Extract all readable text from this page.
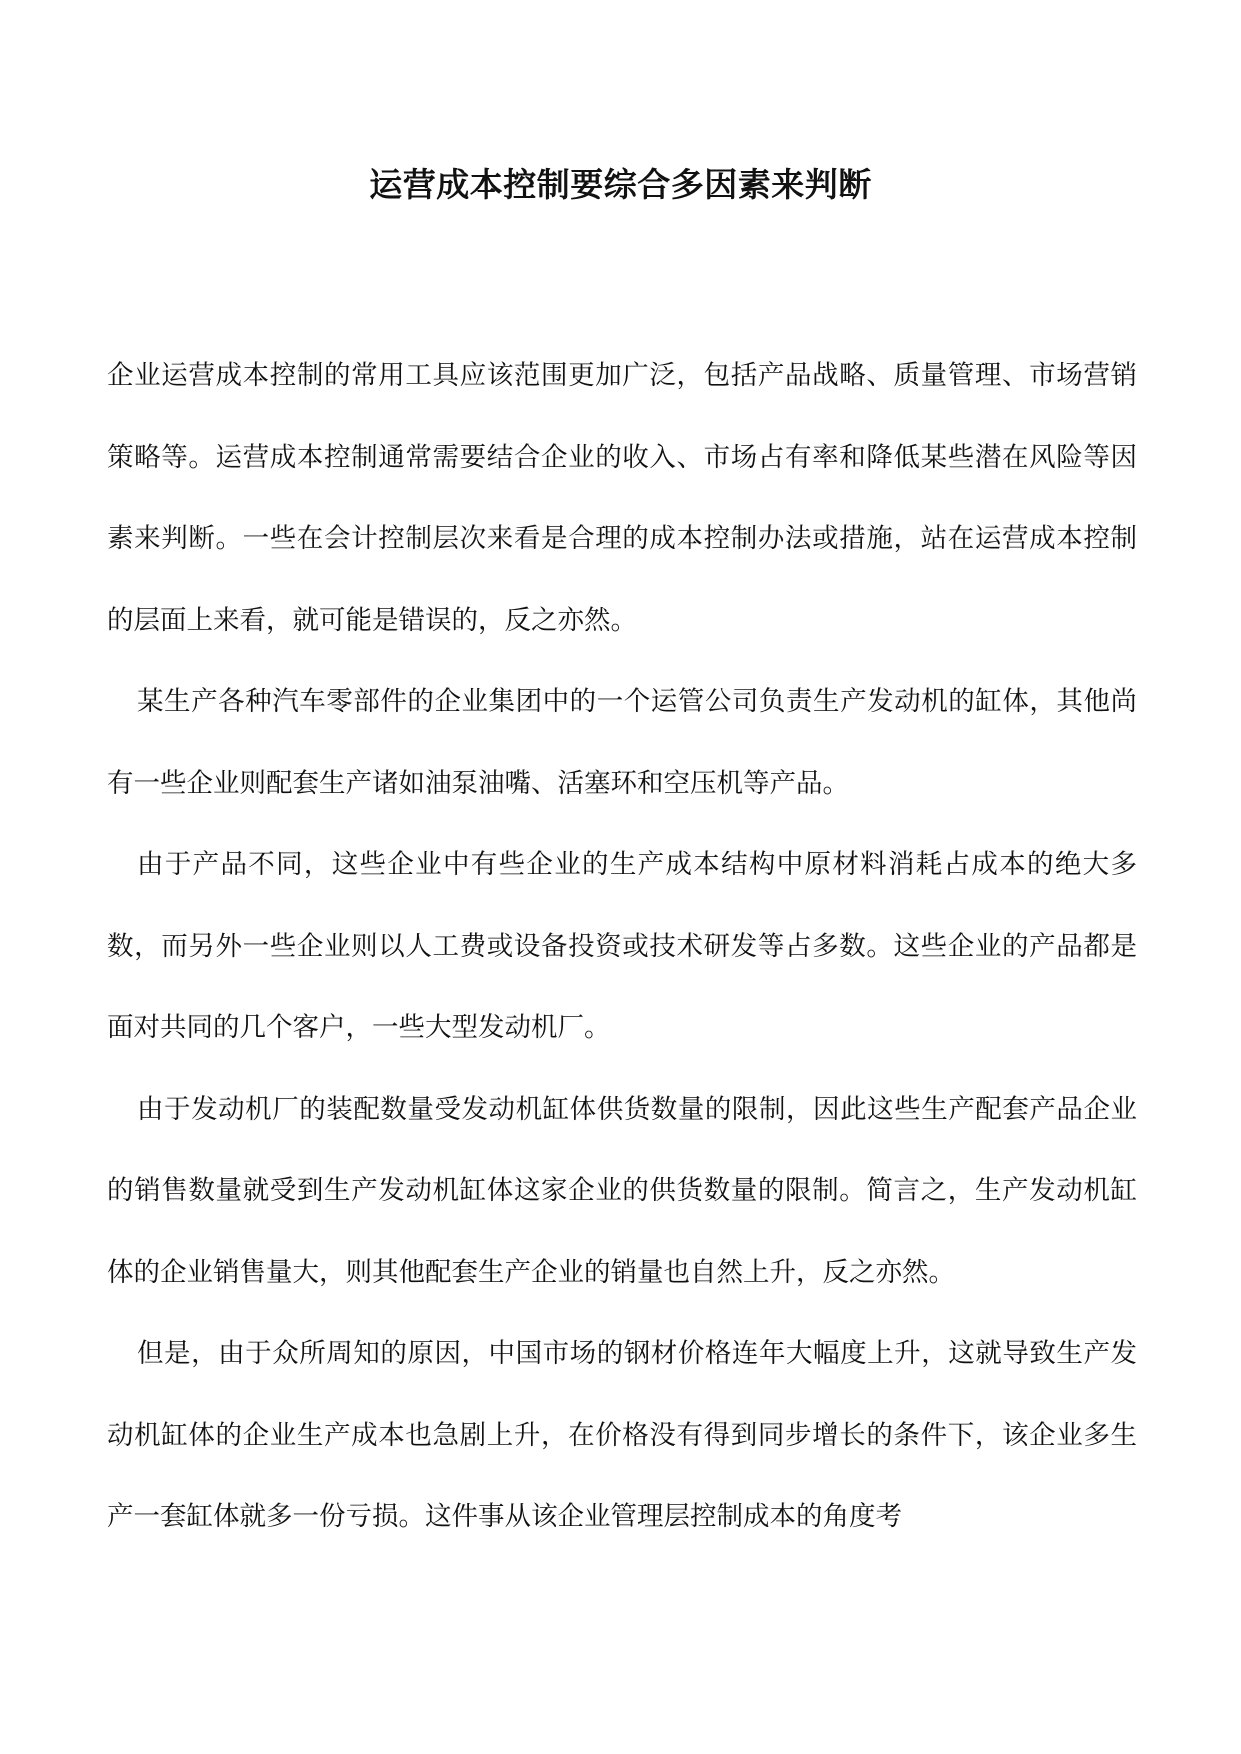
运营成本控制要综合多因素来判断

企业运营成本控制的常用工具应该范围更加广泛，包括产品战略、质量管理、市场营销策略等。运营成本控制通常需要结合企业的收入、市场占有率和降低某些潜在风险等因素来判断。一些在会计控制层次来看是合理的成本控制办法或措施，站在运营成本控制的层面上来看，就可能是错误的，反之亦然。

某生产各种汽车零部件的企业集团中的一个运管公司负责生产发动机的缸体，其他尚有一些企业则配套生产诸如油泵油嘴、活塞环和空压机等产品。

由于产品不同，这些企业中有些企业的生产成本结构中原材料消耗占成本的绝大多数，而另外一些企业则以人工费或设备投资或技术研发等占多数。这些企业的产品都是面对共同的几个客户，一些大型发动机厂。

由于发动机厂的装配数量受发动机缸体供货数量的限制，因此这些生产配套产品企业的销售数量就受到生产发动机缸体这家企业的供货数量的限制。简言之，生产发动机缸体的企业销售量大，则其他配套生产企业的销量也自然上升，反之亦然。

但是，由于众所周知的原因，中国市场的钢材价格连年大幅度上升，这就导致生产发动机缸体的企业生产成本也急剧上升，在价格没有得到同步增长的条件下，该企业多生产一套缸体就多一份亏损。这件事从该企业管理层控制成本的角度考
